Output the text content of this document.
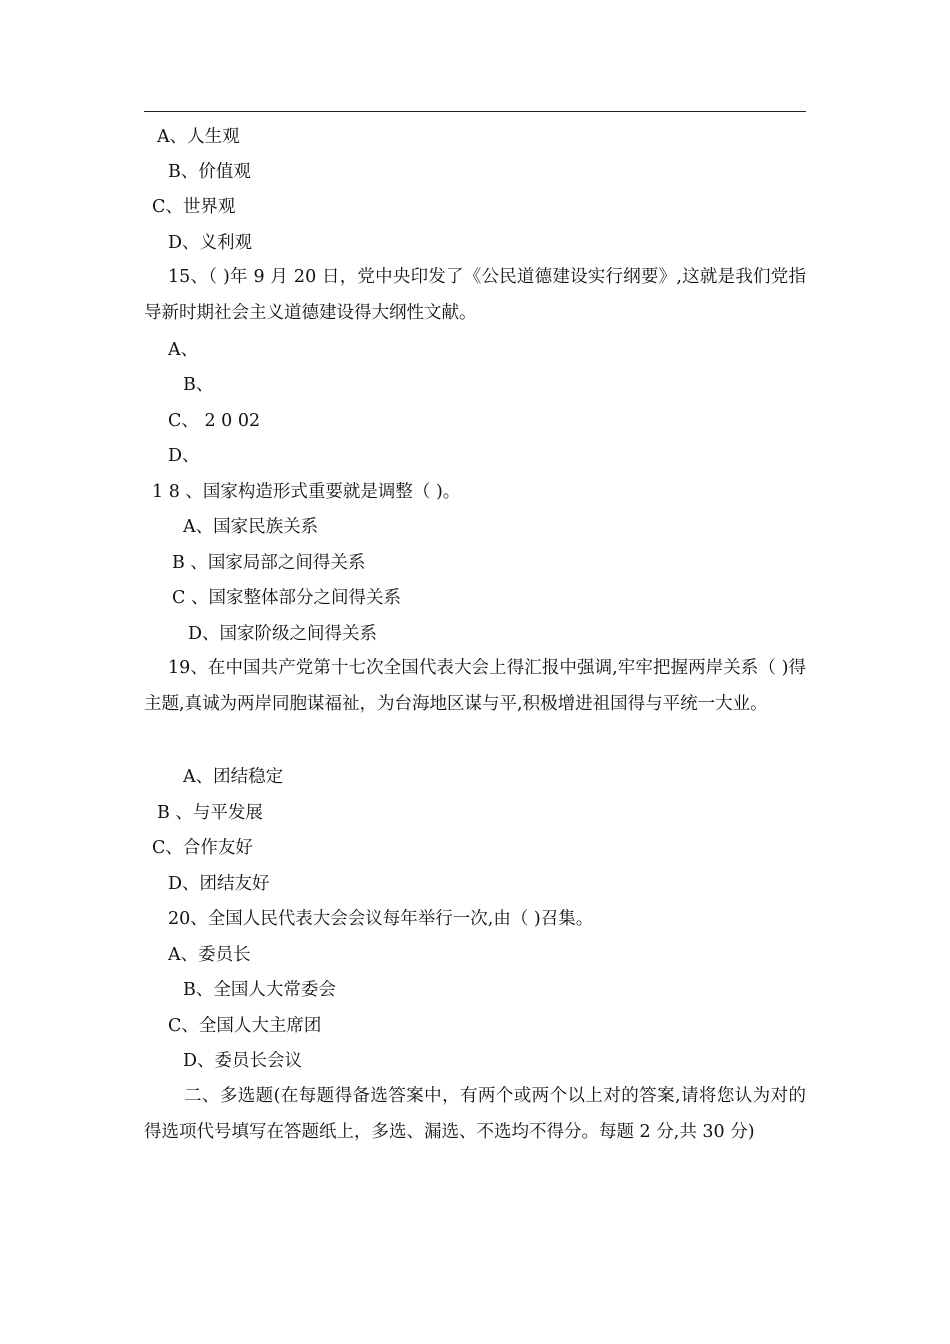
A、人生观
B、价值观
C、世界观
D、义利观
15、（ )年 9 月 20 日，党中央印发了《公民道德建设实行纲要》,这就是我们党指导新时期社会主义道德建设得大纲性文献。
A、
B、
C、 2 0 02
D、
1 8 、国家构造形式重要就是调整（ )。
A、国家民族关系
B 、国家局部之间得关系
C 、国家整体部分之间得关系
D、国家阶级之间得关系
19、在中国共产党第十七次全国代表大会上得汇报中强调,牢牢把握两岸关系（ )得主题,真诚为两岸同胞谋福祉，为台海地区谋与平,积极增进祖国得与平统一大业。
A、团结稳定
B 、与平发展
C、合作友好
D、团结友好
20、全国人民代表大会会议每年举行一次,由（ )召集。
A、委员长
B、全国人大常委会
C、全国人大主席团
D、委员长会议
二、多选题(在每题得备选答案中，有两个或两个以上对的答案,请将您认为对的得选项代号填写在答题纸上，多选、漏选、不选均不得分。每题 2 分,共 30 分)
